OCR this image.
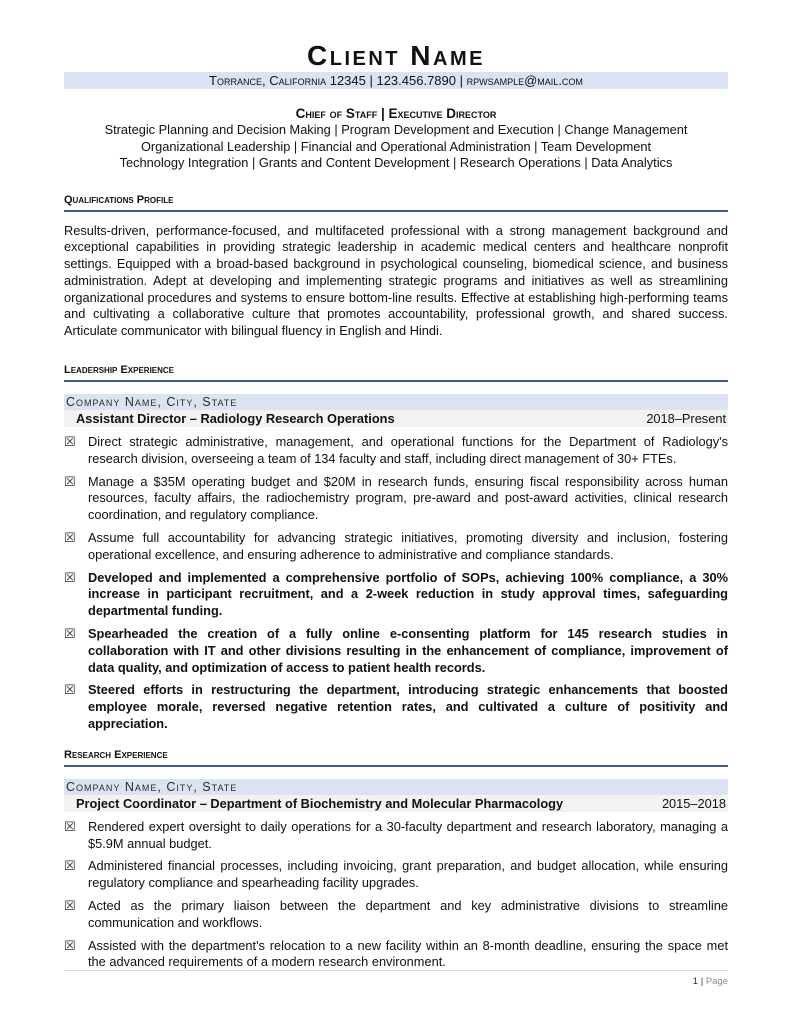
Client Name
Torrance, California 12345 | 123.456.7890 | rpwsample@mail.com
Chief of Staff | Executive Director
Strategic Planning and Decision Making | Program Development and Execution | Change Management
Organizational Leadership | Financial and Operational Administration | Team Development
Technology Integration | Grants and Content Development | Research Operations | Data Analytics
Qualifications Profile
Results-driven, performance-focused, and multifaceted professional with a strong management background and exceptional capabilities in providing strategic leadership in academic medical centers and healthcare nonprofit settings. Equipped with a broad-based background in psychological counseling, biomedical science, and business administration. Adept at developing and implementing strategic programs and initiatives as well as streamlining organizational procedures and systems to ensure bottom-line results. Effective at establishing high-performing teams and cultivating a collaborative culture that promotes accountability, professional growth, and shared success. Articulate communicator with bilingual fluency in English and Hindi.
Leadership Experience
Company Name, City, State
Assistant Director – Radiology Research Operations	2018–Present
☒ Direct strategic administrative, management, and operational functions for the Department of Radiology's research division, overseeing a team of 134 faculty and staff, including direct management of 30+ FTEs.
☒ Manage a $35M operating budget and $20M in research funds, ensuring fiscal responsibility across human resources, faculty affairs, the radiochemistry program, pre-award and post-award activities, clinical research coordination, and regulatory compliance.
☒ Assume full accountability for advancing strategic initiatives, promoting diversity and inclusion, fostering operational excellence, and ensuring adherence to administrative and compliance standards.
☒ Developed and implemented a comprehensive portfolio of SOPs, achieving 100% compliance, a 30% increase in participant recruitment, and a 2-week reduction in study approval times, safeguarding departmental funding.
☒ Spearheaded the creation of a fully online e-consenting platform for 145 research studies in collaboration with IT and other divisions resulting in the enhancement of compliance, improvement of data quality, and optimization of access to patient health records.
☒ Steered efforts in restructuring the department, introducing strategic enhancements that boosted employee morale, reversed negative retention rates, and cultivated a culture of positivity and appreciation.
Research Experience
Company Name, City, State
Project Coordinator – Department of Biochemistry and Molecular Pharmacology	2015–2018
☒ Rendered expert oversight to daily operations for a 30-faculty department and research laboratory, managing a $5.9M annual budget.
☒ Administered financial processes, including invoicing, grant preparation, and budget allocation, while ensuring regulatory compliance and spearheading facility upgrades.
☒ Acted as the primary liaison between the department and key administrative divisions to streamline communication and workflows.
☒ Assisted with the department's relocation to a new facility within an 8-month deadline, ensuring the space met the advanced requirements of a modern research environment.
1 | Page
